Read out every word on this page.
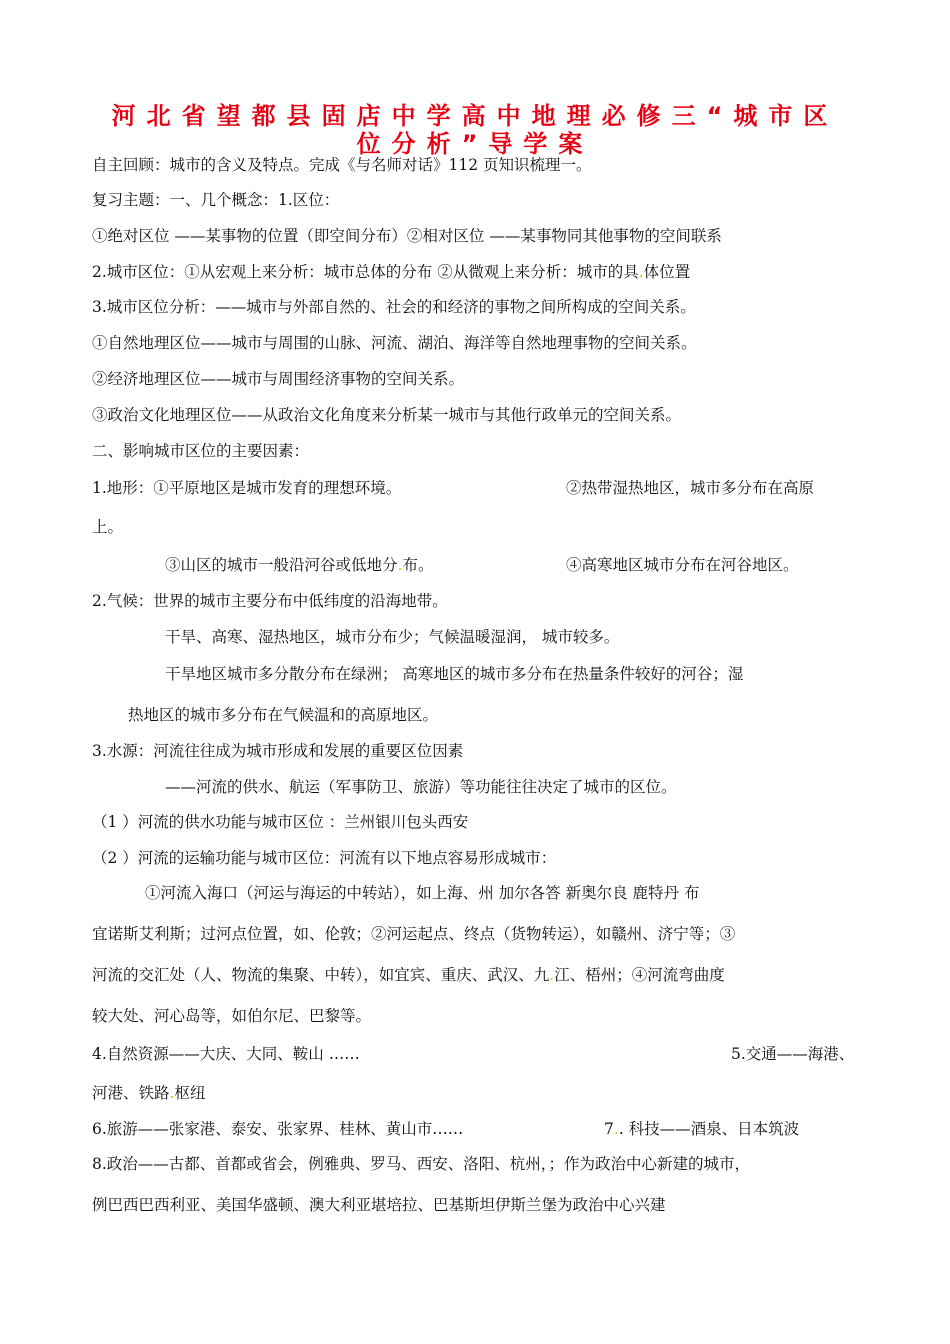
河北省望都县固店中学高中地理必修三“城市区
位分析”导学案
自主回顾：城市的含义及特点。完成《与名师对话》112 页知识梳理一。
复习主题：一、几个概念：1.区位：
①绝对区位 ——某事物的位置（即空间分布）②相对区位 ——某事物同其他事物的空间联系
2.城市区位：①从宏观上来分析：城市总体的分布 ②从微观上来分析：城市的具.体位置
3.城市区位分析：——城市与外部自然的、社会的和经济的事物之间所构成的空间关系。
①自然地理区位——城市与周围的山脉、河流、湖泊、海洋等自然地理事物的空间关系。
②经济地理区位——城市与周围经济事物的空间关系。
③政治文化地理区位——从政治文化角度来分析某一城市与其他行政单元的空间关系。
二、影响城市区位的主要因素：
1.地形：①平原地区是城市发育的理想环境。	②热带湿热地区，城市多分布在高原
上。
③山区的城市一般沿河谷或低地分.布。	④高寒地区城市分布在河谷地区。
2.气候：世界的城市主要分布中低纬度的沿海地带。
干旱、高寒、湿热地区，城市分布少；气候温暖湿润， 城市较多。
干旱地区城市多分散分布在绿洲； 高寒地区的城市多分布在热量条件较好的河谷；湿
热地区的城市多分布在气候温和的高原地区。
3.水源：河流往往成为城市形成和发展的重要区位因素
——河流的供水、航运（军事防卫、旅游）等功能往往决定了城市的区位。
（1 ）河流的供水功能与城市区位 ：兰州银川包头西安
（2 ）河流的运输功能与城市区位：河流有以下地点容易形成城市：
①河流入海口（河运与海运的中转站），如上海、州 加尔各答 新奥尔良 鹿特丹 布
宜诺斯艾利斯；过河点位置，如、伦敦；②河运起点、终点（货物转运），如赣州、济宁等；③
河流的交汇处（人、物流的集聚、中转），如宜宾、重庆、武汉、九.江、梧州；④河流弯曲度
较大处、河心岛等，如伯尔尼、巴黎等。
4.自然资源——大庆、大同、鞍山 ……	5.交通——海港、
河港、铁路.枢纽
6.旅游——张家港、泰安、张家界、桂林、黄山市……	7.. 科技——酒泉、日本筑波
8.政治——古都、首都或省会，例雅典、罗马、西安、洛阳、杭州，；作为政治中心新建的城市，
例巴西巴西利亚、美国华盛顿、澳大利亚堪培拉、巴基斯坦伊斯兰堡为政治中心兴建
